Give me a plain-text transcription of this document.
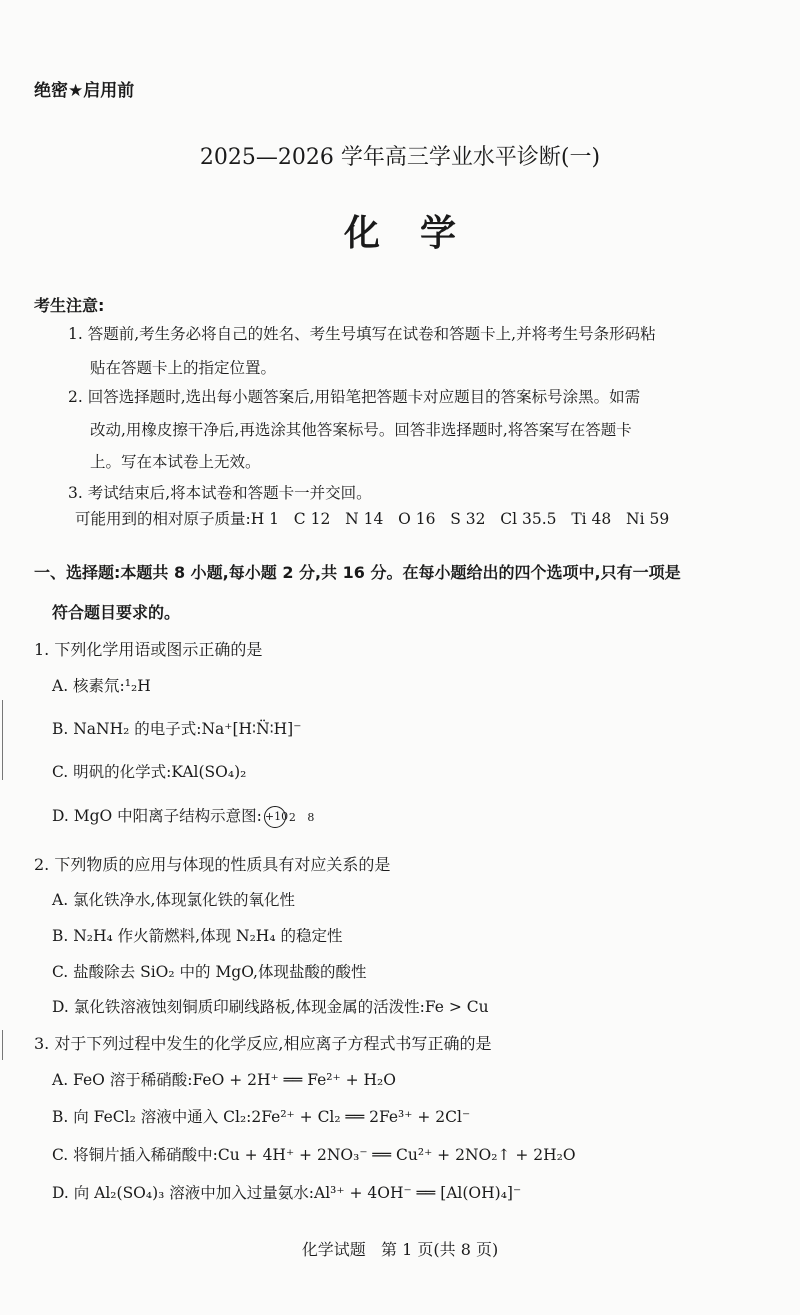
绝密★启用前
2025—2026 学年高三学业水平诊断(一)
化学
考生注意:
1. 答题前,考生务必将自己的姓名、考生号填写在试卷和答题卡上,并将考生号条形码粘
贴在答题卡上的指定位置。
2. 回答选择题时,选出每小题答案后,用铅笔把答题卡对应题目的答案标号涂黑。如需
改动,用橡皮擦干净后,再选涂其他答案标号。回答非选择题时,将答案写在答题卡
上。写在本试卷上无效。
3. 考试结束后,将本试卷和答题卡一并交回。
可能用到的相对原子质量:H 1   C 12   N 14   O 16   S 32   Cl 35.5   Ti 48   Ni 59
一、选择题:本题共 8 小题,每小题 2 分,共 16 分。在每小题给出的四个选项中,只有一项是
符合题目要求的。
1. 下列化学用语或图示正确的是
A. 核素氘:¹₂H
B. NaNH₂ 的电子式:Na⁺[H∶N̈∶H]⁻
C. 明矾的化学式:KAl(SO₄)₂
D. MgO 中阳离子结构示意图: +102 8
2. 下列物质的应用与体现的性质具有对应关系的是
A. 氯化铁净水,体现氯化铁的氧化性
B. N₂H₄ 作火箭燃料,体现 N₂H₄ 的稳定性
C. 盐酸除去 SiO₂ 中的 MgO,体现盐酸的酸性
D. 氯化铁溶液蚀刻铜质印刷线路板,体现金属的活泼性:Fe > Cu
3. 对于下列过程中发生的化学反应,相应离子方程式书写正确的是
A. FeO 溶于稀硝酸:FeO + 2H⁺ ══ Fe²⁺ + H₂O
B. 向 FeCl₂ 溶液中通入 Cl₂:2Fe²⁺ + Cl₂ ══ 2Fe³⁺ + 2Cl⁻
C. 将铜片插入稀硝酸中:Cu + 4H⁺ + 2NO₃⁻ ══ Cu²⁺ + 2NO₂↑ + 2H₂O
D. 向 Al₂(SO₄)₃ 溶液中加入过量氨水:Al³⁺ + 4OH⁻ ══ [Al(OH)₄]⁻
化学试题   第 1 页(共 8 页)
